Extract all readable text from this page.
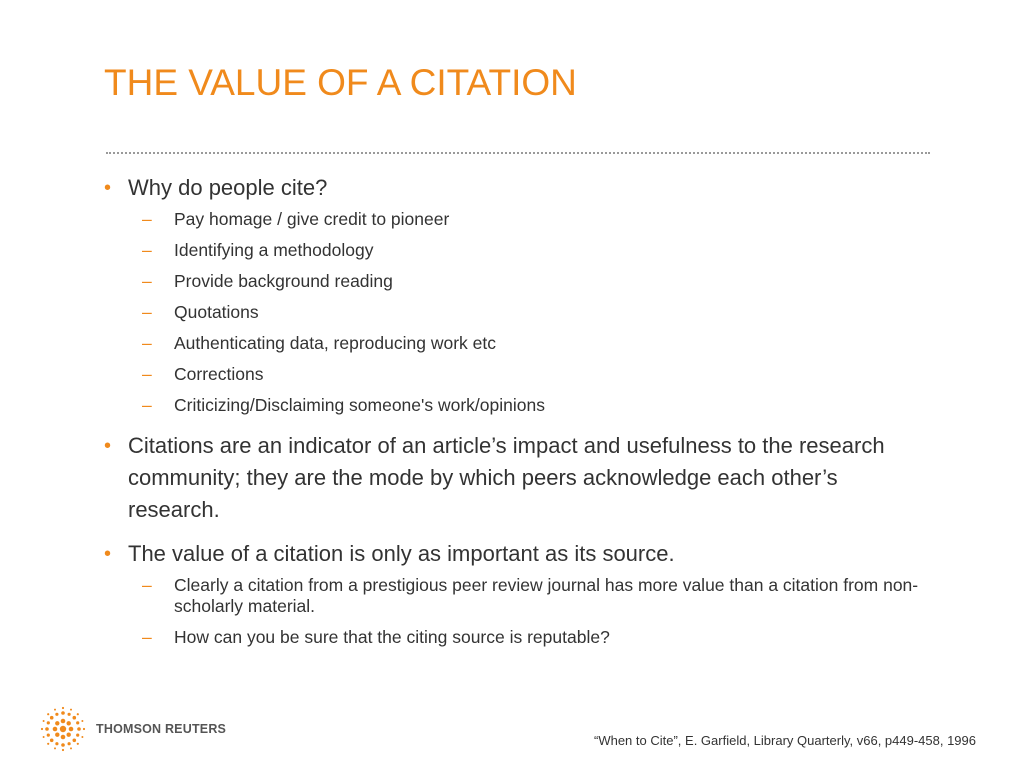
THE VALUE OF A CITATION
• Why do people cite?
– Pay homage / give credit to pioneer
– Identifying a methodology
– Provide background reading
– Quotations
– Authenticating data, reproducing work etc
– Corrections
– Criticizing/Disclaiming someone's work/opinions
• Citations are an indicator of an article’s impact and usefulness to the research community; they are the mode by which peers acknowledge each other’s research.
• The value of a citation is only as important as its source.
– Clearly a citation from a prestigious peer review journal has more value than a citation from non-scholarly material.
– How can you be sure that the citing source is reputable?
THOMSON REUTERS
“When to Cite”, E. Garfield, Library Quarterly, v66, p449-458, 1996
